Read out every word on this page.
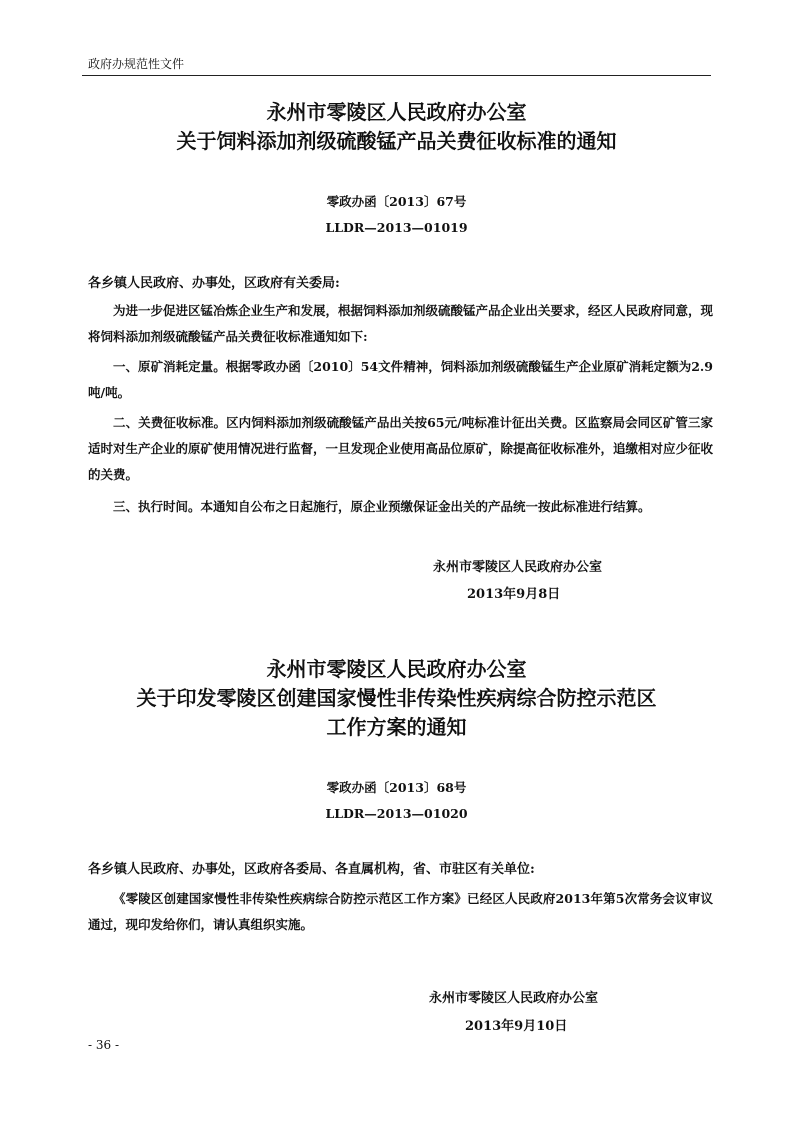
政府办规范性文件
永州市零陵区人民政府办公室
关于饲料添加剂级硫酸锰产品关费征收标准的通知
零政办函〔2013〕67号
LLDR—2013—01019
各乡镇人民政府、办事处，区政府有关委局:
为进一步促进区锰冶炼企业生产和发展，根据饲料添加剂级硫酸锰产品企业出关要求，经区人民政府同意，现将饲料添加剂级硫酸锰产品关费征收标准通知如下:
一、原矿消耗定量。根据零政办函〔2010〕54文件精神，饲料添加剂级硫酸锰生产企业原矿消耗定额为2.9吨/吨。
二、关费征收标准。区内饲料添加剂级硫酸锰产品出关按65元/吨标准计征出关费。区监察局会同区矿管三家适时对生产企业的原矿使用情况进行监督，一旦发现企业使用高品位原矿，除提高征收标准外，追缴相对应少征收的关费。
三、执行时间。本通知自公布之日起施行，原企业预缴保证金出关的产品统一按此标准进行结算。
永州市零陵区人民政府办公室
2013年9月8日
永州市零陵区人民政府办公室
关于印发零陵区创建国家慢性非传染性疾病综合防控示范区
工作方案的通知
零政办函〔2013〕68号
LLDR—2013—01020
各乡镇人民政府、办事处，区政府各委局、各直属机构，省、市驻区有关单位:
《零陵区创建国家慢性非传染性疾病综合防控示范区工作方案》已经区人民政府2013年第5次常务会议审议通过，现印发给你们，请认真组织实施。
永州市零陵区人民政府办公室
2013年9月10日
- 36 -
